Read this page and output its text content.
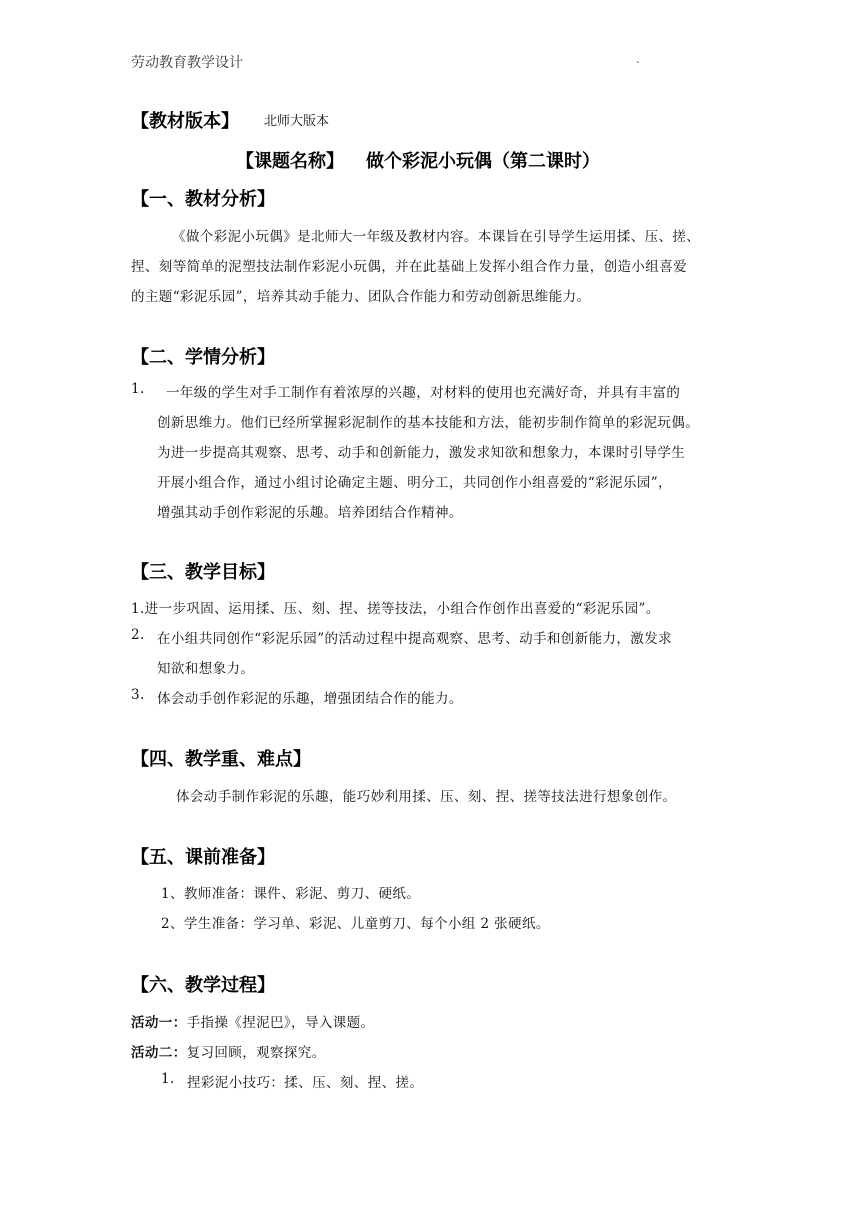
劳动教育教学设计	.
【教材版本】 北师大版本
【课题名称】 做个彩泥小玩偶（第二课时）
【一、教材分析】
《做个彩泥小玩偶》是北师大一年级及教材内容。本课旨在引导学生运用揉、压、搓、
捏、刻等简单的泥塑技法制作彩泥小玩偶，并在此基础上发挥小组合作力量，创造小组喜爱
的主题“彩泥乐园”，培养其动手能力、团队合作能力和劳动创新思维能力。
【二、学情分析】
1. 一年级的学生对手工制作有着浓厚的兴趣，对材料的使用也充满好奇，并具有丰富的
创新思维力。他们已经所掌握彩泥制作的基本技能和方法，能初步制作简单的彩泥玩偶。
为进一步提高其观察、思考、动手和创新能力，激发求知欲和想象力，本课时引导学生
开展小组合作，通过小组讨论确定主题、明分工，共同创作小组喜爱的“彩泥乐园”，
增强其动手创作彩泥的乐趣。培养团结合作精神。
【三、教学目标】
1.进一步巩固、运用揉、压、刻、捏、搓等技法，小组合作创作出喜爱的“彩泥乐园”。
2. 在小组共同创作“彩泥乐园”的活动过程中提高观察、思考、动手和创新能力，激发求
知欲和想象力。
3. 体会动手创作彩泥的乐趣，增强团结合作的能力。
【四、教学重、难点】
体会动手制作彩泥的乐趣，能巧妙利用揉、压、刻、捏、搓等技法进行想象创作。
【五、课前准备】
1、教师准备：课件、彩泥、剪刀、硬纸。
2、学生准备：学习单、彩泥、儿童剪刀、每个小组 2 张硬纸。
【六、教学过程】
活动一：手指操《捏泥巴》，导入课题。
活动二：复习回顾，观察探究。
1. 捏彩泥小技巧：揉、压、刻、捏、搓。
